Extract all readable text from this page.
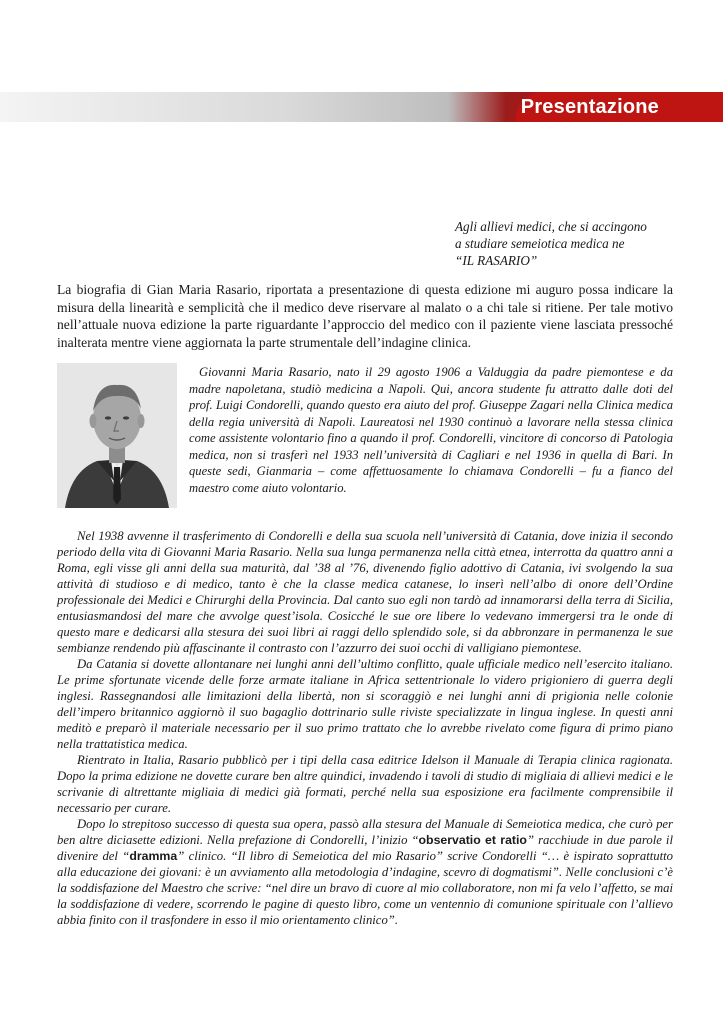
Presentazione
Agli allievi medici, che si accingono
a studiare semeiotica medica ne
“IL RASARIO”
La biografia di Gian Maria Rasario, riportata a presentazione di questa edizione mi auguro possa indicare la misura della linearità e semplicità che il medico deve riservare al malato o a chi tale si ritiene. Per tale motivo nell’attuale nuova edizione la parte riguardante l’approccio del medico con il paziente viene lasciata pressoché inalterata mentre viene aggiornata la parte strumentale dell’indagine clinica.

Giovanni Maria Rasario, nato il 29 agosto 1906 a Valduggia da padre piemontese e da madre napoletana, studiò medicina a Napoli. Qui, ancora studente fu attratto dalle doti del prof. Luigi Condorelli, quando questo era aiuto del prof. Giuseppe Zagari nella Clinica medica della regia università di Napoli. Laureatosi nel 1930 continuò a lavorare nella stessa clinica come assistente volontario fino a quando il prof. Condorelli, vincitore di concorso di Patologia medica, non si trasferì nel 1933 nell’università di Cagliari e nel 1936 in quella di Bari. In queste sedi, Gianmaria – come affettuosamente lo chiamava Condorelli – fu a fianco del maestro come aiuto volontario.

Nel 1938 avvenne il trasferimento di Condorelli e della sua scuola nell’università di Catania, dove inizia il secondo periodo della vita di Giovanni Maria Rasario. Nella sua lunga permanenza nella città etnea, interrotta da quattro anni a Roma, egli visse gli anni della sua maturità, dal ’38 al ’76, divenendo figlio adottivo di Catania, ivi svolgendo la sua attività di studioso e di medico, tanto è che la classe medica catanese, lo inserì nell’albo di onore dell’Ordine professionale dei Medici e Chirurghi della Provincia. Dal canto suo egli non tardò ad innamorarsi della terra di Sicilia, entusiasmandosi del mare che avvolge quest’isola. Cosicché le sue ore libere lo vedevano immergersi tra le onde di questo mare e dedicarsi alla stesura dei suoi libri ai raggi dello splendido sole, si da abbronzare in permanenza le sue sembianze rendendo più affascinante il contrasto con l’azzurro dei suoi occhi di valligiano piemontese.

Da Catania si dovette allontanare nei lunghi anni dell’ultimo conflitto, quale ufficiale medico nell’esercito italiano. Le prime sfortunate vicende delle forze armate italiane in Africa settentrionale lo videro prigioniero di guerra degli inglesi. Rassegnandosi alle limitazioni della libertà, non si scoraggiò e nei lunghi anni di prigionia nelle colonie dell’impero britannico aggiornò il suo bagaglio dottrinario sulle riviste specializzate in lingua inglese. In questi anni meditò e preparò il materiale necessario per il suo primo trattato che lo avrebbe rivelato come figura di primo piano nella trattatistica medica.

Rientrato in Italia, Rasario pubblicò per i tipi della casa editrice Idelson il Manuale di Terapia clinica ragionata. Dopo la prima edizione ne dovette curare ben altre quindici, invadendo i tavoli di studio di migliaia di allievi medici e le scrivanie di altrettante migliaia di medici già formati, perché nella sua esposizione era facilmente comprensibile il necessario per curare.

Dopo lo strepitoso successo di questa sua opera, passò alla stesura del Manuale di Semeiotica medica, che curò per ben altre diciasette edizioni. Nella prefazione di Condorelli, l’inizio “observatio et ratio” racchiude in due parole il divenire del “dramma” clinico. “Il libro di Semeiotica del mio Rasario” scrive Condorelli “… è ispirato soprattutto alla educazione dei giovani: è un avviamento alla metodologia d’indagine, scevro di dogmatismi”. Nelle conclusioni c’è la soddisfazione del Maestro che scrive: “nel dire un bravo di cuore al mio collaboratore, non mi fa velo l’affetto, se mai la soddisfazione di vedere, scorrendo le pagine di questo libro, come un ventennio di comunione spirituale con l’allievo abbia finito con il trasfondere in esso il mio orientamento clinico”.
